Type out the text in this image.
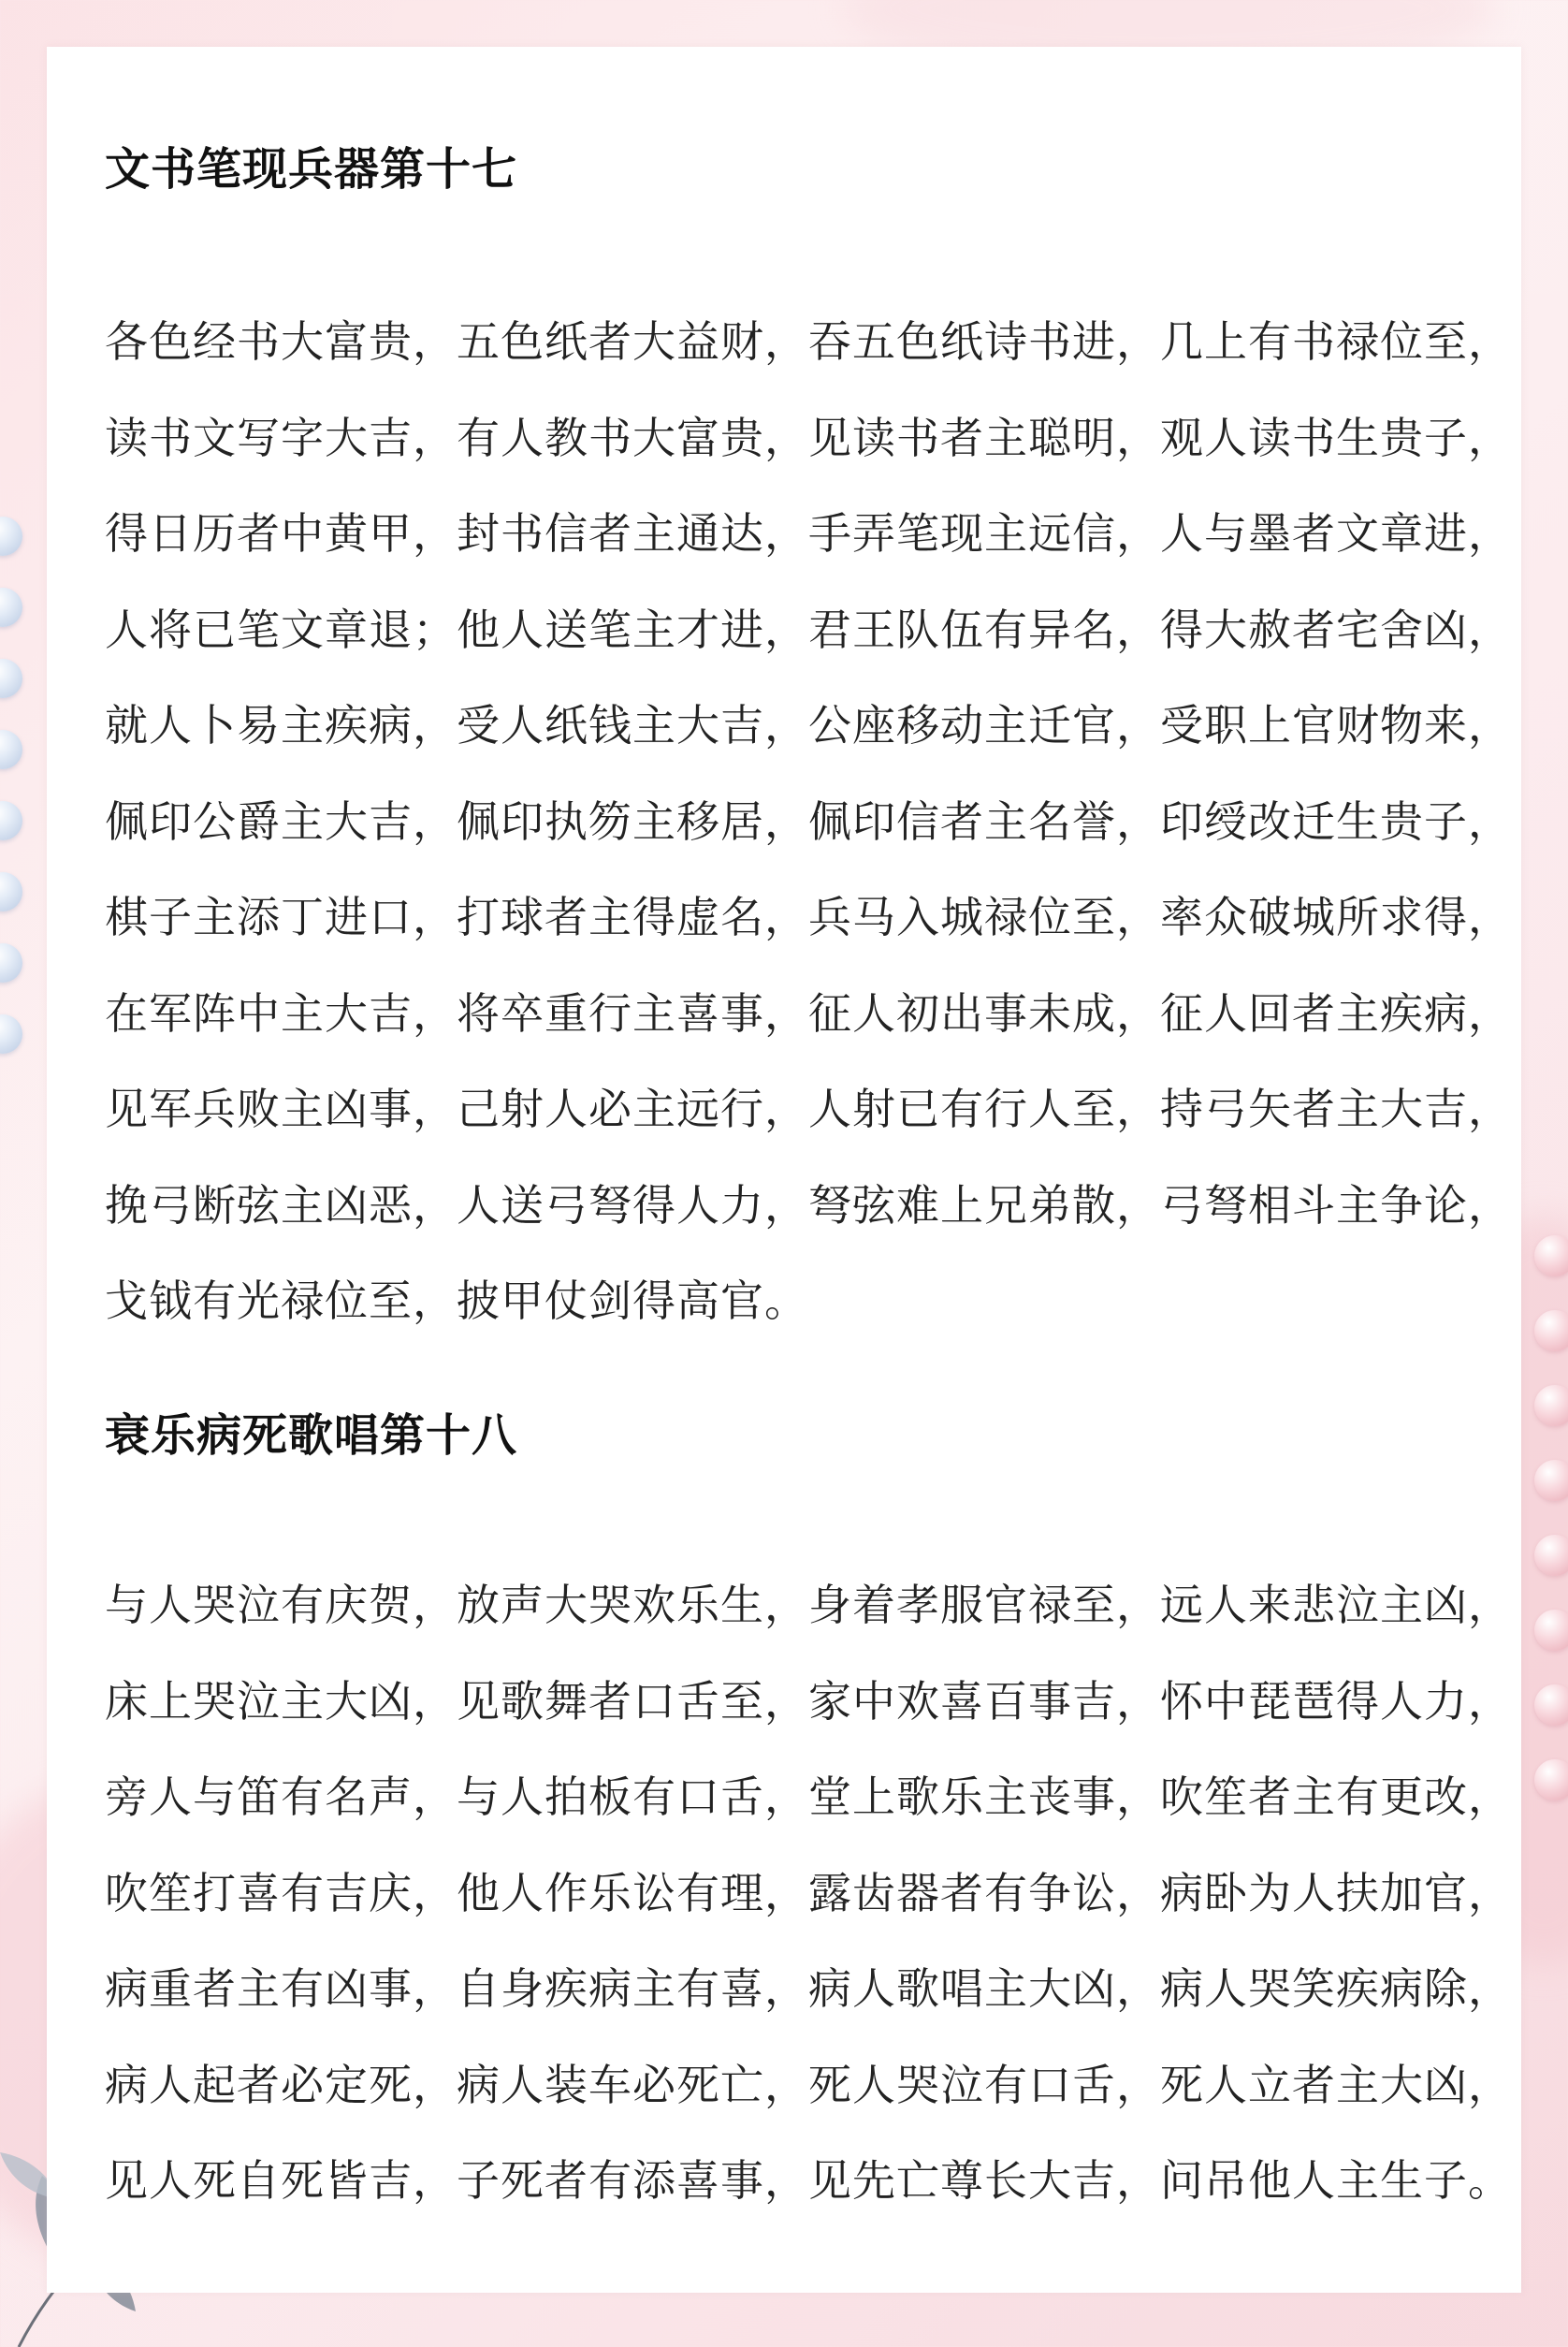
文书笔现兵器第十七
各色经书大富贵，五色纸者大益财，吞五色纸诗书进，几上有书禄位至，
读书文写字大吉，有人教书大富贵，见读书者主聪明，观人读书生贵子，
得日历者中黄甲，封书信者主通达，手弄笔现主远信，人与墨者文章进，
人将已笔文章退；他人送笔主才进，君王队伍有异名，得大赦者宅舍凶，
就人卜易主疾病，受人纸钱主大吉，公座移动主迁官，受职上官财物来，
佩印公爵主大吉，佩印执笏主移居，佩印信者主名誉，印绶改迁生贵子，
棋子主添丁进口，打球者主得虚名，兵马入城禄位至，率众破城所求得，
在军阵中主大吉，将卒重行主喜事，征人初出事未成，征人回者主疾病，
见军兵败主凶事，己射人必主远行，人射已有行人至，持弓矢者主大吉，
挽弓断弦主凶恶，人送弓弩得人力，弩弦难上兄弟散，弓弩相斗主争论，
戈钺有光禄位至，披甲仗剑得高官。
衰乐病死歌唱第十八
与人哭泣有庆贺，放声大哭欢乐生，身着孝服官禄至，远人来悲泣主凶，
床上哭泣主大凶，见歌舞者口舌至，家中欢喜百事吉，怀中琵琶得人力，
旁人与笛有名声，与人拍板有口舌，堂上歌乐主丧事，吹笙者主有更改，
吹笙打喜有吉庆，他人作乐讼有理，露齿器者有争讼，病卧为人扶加官，
病重者主有凶事，自身疾病主有喜，病人歌唱主大凶，病人哭笑疾病除，
病人起者必定死，病人装车必死亡，死人哭泣有口舌，死人立者主大凶，
见人死自死皆吉，子死者有添喜事，见先亡尊长大吉，问吊他人主生子。
